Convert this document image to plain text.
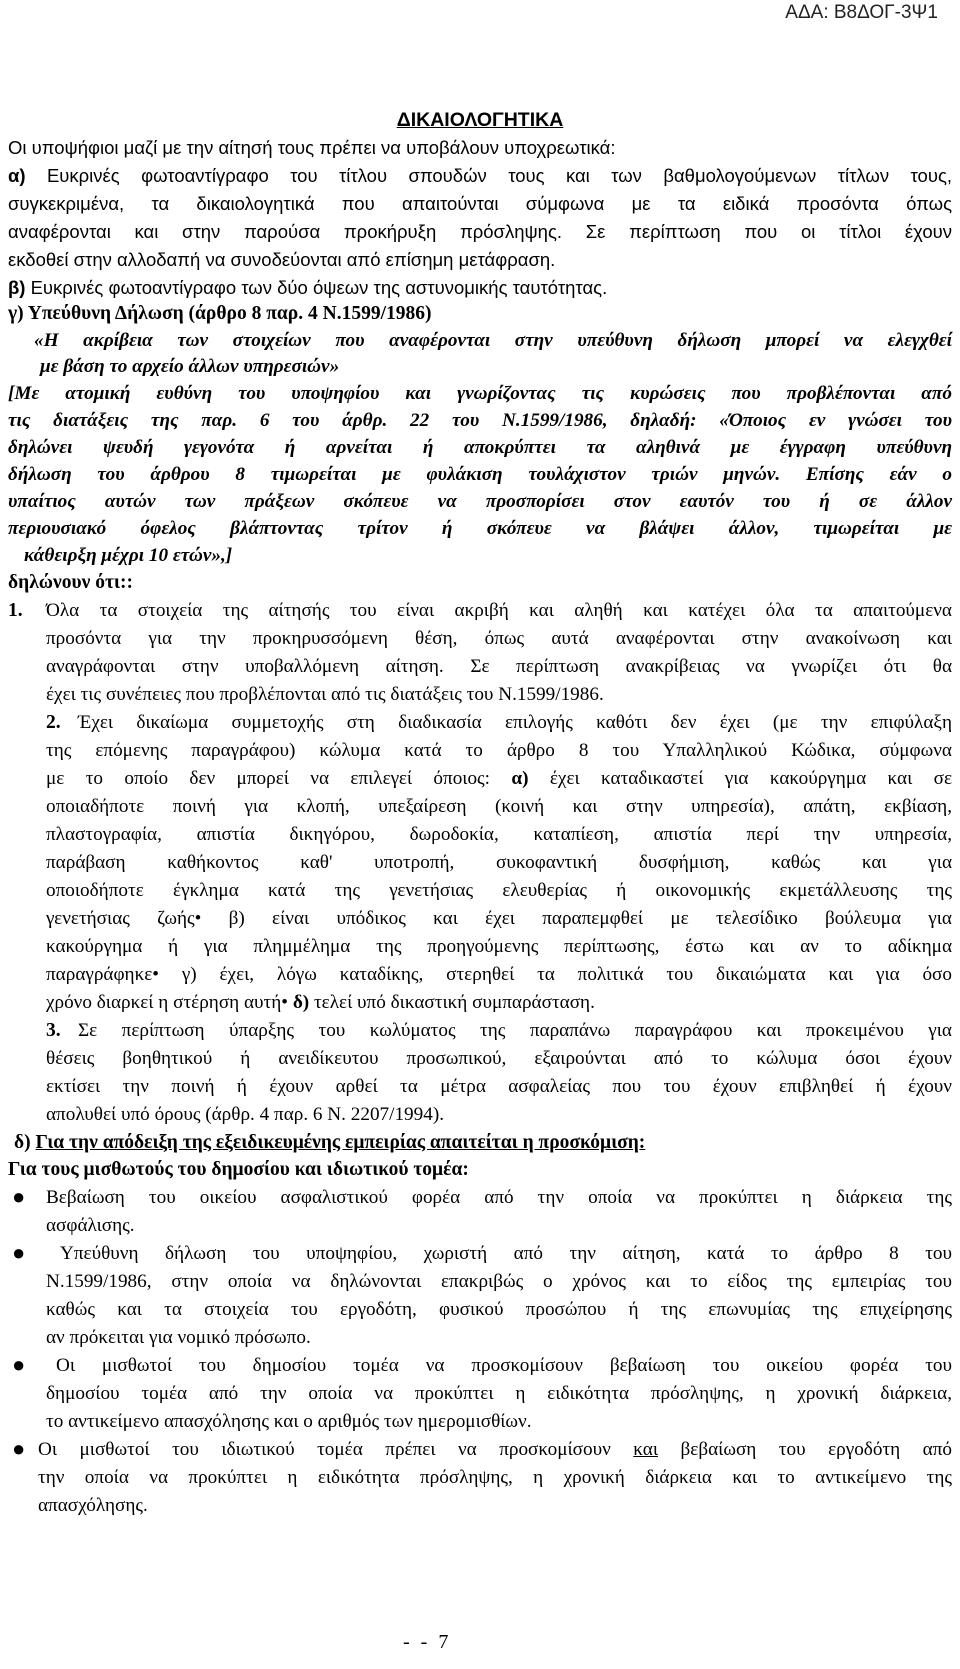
ΑΔΑ: Β8ΔΟΓ-3Ψ1
ΔΙΚΑΙΟΛΟΓΗΤΙΚΑ
Οι υποψήφιοι μαζί με την αίτησή τους πρέπει να υποβάλουν υποχρεωτικά:
α) Ευκρινές φωτοαντίγραφο του τίτλου σπουδών τους και των βαθμολογούμενων τίτλων τους,
συγκεκριμένα, τα δικαιολογητικά που απαιτούνται σύμφωνα με τα ειδικά προσόντα όπως
αναφέρονται και στην παρούσα προκήρυξη πρόσληψης. Σε περίπτωση που οι τίτλοι έχουν
εκδοθεί στην αλλοδαπή να συνοδεύονται από επίσημη μετάφραση.
β) Ευκρινές φωτοαντίγραφο των δύο όψεων της αστυνομικής ταυτότητας.
γ) Υπεύθυνη Δήλωση (άρθρο 8 παρ. 4 Ν.1599/1986)
«Η ακρίβεια των στοιχείων που αναφέρονται στην υπεύθυνη δήλωση μπορεί να ελεγχθεί
με βάση το αρχείο άλλων υπηρεσιών»
[Με ατομική ευθύνη του υποψηφίου και γνωρίζοντας τις κυρώσεις που προβλέπονται από
τις διατάξεις της παρ. 6 του άρθρ. 22 του Ν.1599/1986, δηλαδή: «Όποιος εν γνώσει του
δηλώνει ψευδή γεγονότα ή αρνείται ή αποκρύπτει τα αληθινά με έγγραφη υπεύθυνη
δήλωση του άρθρου 8 τιμωρείται με φυλάκιση τουλάχιστον τριών μηνών. Επίσης εάν ο
υπαίτιος αυτών των πράξεων σκόπευε να προσπορίσει στον εαυτόν του ή σε άλλον
περιουσιακό όφελος βλάπτοντας τρίτον ή σκόπευε να βλάψει άλλον, τιμωρείται με
κάθειρξη μέχρι 10 ετών»,]
δηλώνουν ότι::
1. Όλα τα στοιχεία της αίτησής του είναι ακριβή και αληθή και κατέχει όλα τα απαιτούμενα
προσόντα για την προκηρυσσόμενη θέση, όπως αυτά αναφέρονται στην ανακοίνωση και
αναγράφονται στην υποβαλλόμενη αίτηση. Σε περίπτωση ανακρίβειας να γνωρίζει ότι θα
έχει τις συνέπειες που προβλέπονται από τις διατάξεις του Ν.1599/1986.
2. Έχει δικαίωμα συμμετοχής στη διαδικασία επιλογής καθότι δεν έχει (με την επιφύλαξη
της επόμενης παραγράφου) κώλυμα κατά το άρθρο 8 του Υπαλληλικού Κώδικα, σύμφωνα
με το οποίο δεν μπορεί να επιλεγεί όποιος: α) έχει καταδικαστεί για κακούργημα και σε
οποιαδήποτε ποινή για κλοπή, υπεξαίρεση (κοινή και στην υπηρεσία), απάτη, εκβίαση,
πλαστογραφία, απιστία δικηγόρου, δωροδοκία, καταπίεση, απιστία περί την υπηρεσία,
παράβαση καθήκοντος καθ' υποτροπή, συκοφαντική δυσφήμιση, καθώς και για
οποιοδήποτε έγκλημα κατά της γενετήσιας ελευθερίας ή οικονομικής εκμετάλλευσης της
γενετήσιας ζωής• β) είναι υπόδικος και έχει παραπεμφθεί με τελεσίδικο βούλευμα για
κακούργημα ή για πλημμέλημα της προηγούμενης περίπτωσης, έστω και αν το αδίκημα
παραγράφηκε• γ) έχει, λόγω καταδίκης, στερηθεί τα πολιτικά του δικαιώματα και για όσο
χρόνο διαρκεί η στέρηση αυτή• δ) τελεί υπό δικαστική συμπαράσταση.
3. Σε περίπτωση ύπαρξης του κωλύματος της παραπάνω παραγράφου και προκειμένου για
θέσεις βοηθητικού ή ανειδίκευτου προσωπικού, εξαιρούνται από το κώλυμα όσοι έχουν
εκτίσει την ποινή ή έχουν αρθεί τα μέτρα ασφαλείας που του έχουν επιβληθεί ή έχουν
απολυθεί υπό όρους (άρθρ. 4 παρ. 6 Ν. 2207/1994).
δ) Για την απόδειξη της εξειδικευμένης εμπειρίας απαιτείται η προσκόμιση:
Για τους μισθωτούς του δημοσίου και ιδιωτικού τομέα:
● Βεβαίωση του οικείου ασφαλιστικού φορέα από την οποία να προκύπτει η διάρκεια της
ασφάλισης.
● Υπεύθυνη δήλωση του υποψηφίου, χωριστή από την αίτηση, κατά το άρθρο 8 του
Ν.1599/1986, στην οποία να δηλώνονται επακριβώς ο χρόνος και το είδος της εμπειρίας του
καθώς και τα στοιχεία του εργοδότη, φυσικού προσώπου ή της επωνυμίας της επιχείρησης
αν πρόκειται για νομικό πρόσωπο.
● Οι μισθωτοί του δημοσίου τομέα να προσκομίσουν βεβαίωση του οικείου φορέα του
δημοσίου τομέα από την οποία να προκύπτει η ειδικότητα πρόσληψης, η χρονική διάρκεια,
το αντικείμενο απασχόλησης και ο αριθμός των ημερομισθίων.
● Οι μισθωτοί του ιδιωτικού τομέα πρέπει να προσκομίσουν και βεβαίωση του εργοδότη από
την οποία να προκύπτει η ειδικότητα πρόσληψης, η χρονική διάρκεια και το αντικείμενο της
απασχόλησης.
- - 7
